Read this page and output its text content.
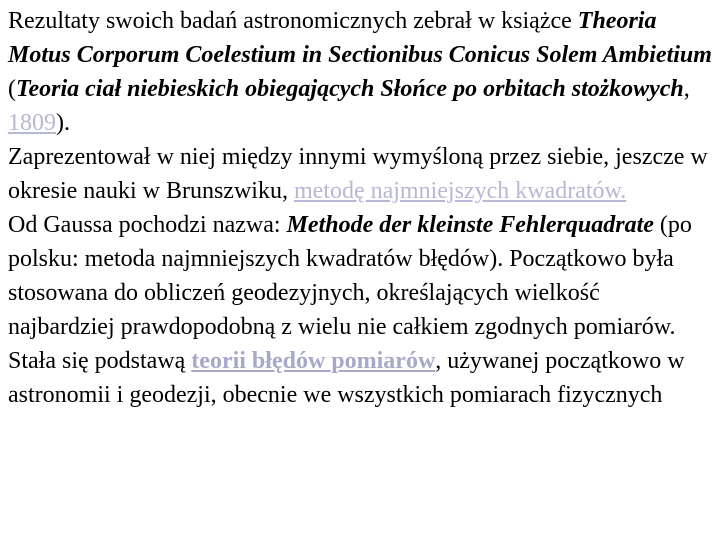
Rezultaty swoich badań astronomicznych zebrał w książce Theoria Motus Corporum Coelestium in Sectionibus Conicus Solem Ambietium (Teoria ciał niebieskich obiegających Słońce po orbitach stożkowych, 1809).

Zaprezentował w niej między innymi wymyśloną przez siebie, jeszcze w okresie nauki w Brunszwiku, metodę najmniejszych kwadratów.

Od Gaussa pochodzi nazwa: Methode der kleinste Fehlerquadrate (po polsku: metoda najmniejszych kwadratów błędów). Początkowo była stosowana do obliczeń geodezyjnych, określających wielkość najbardziej prawdopodobną z wielu nie całkiem zgodnych pomiarów. Stała się podstawą teorii błędów pomiarów, używanej początkowo w astronomii i geodezji, obecnie we wszystkich pomiarach fizycznych
